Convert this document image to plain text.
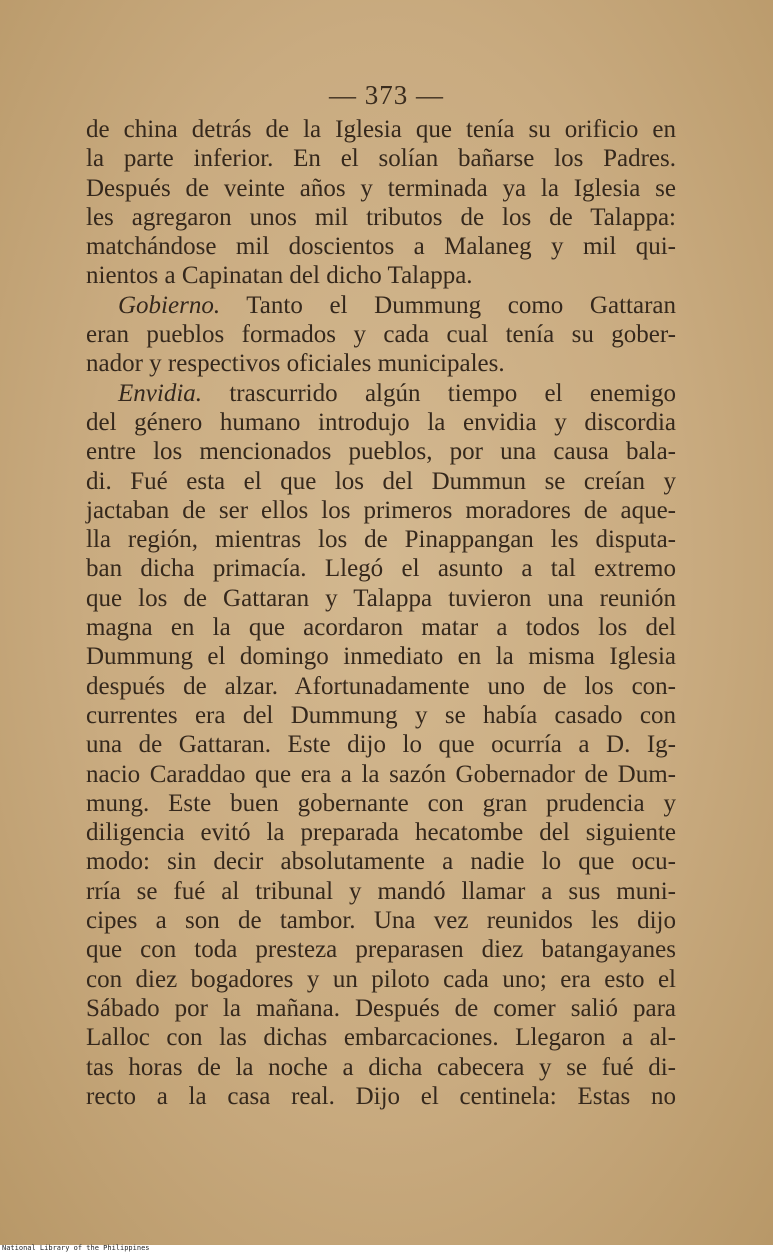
— 373 —
de china detrás de la Iglesia que tenía su orificio en
la parte inferior. En el solían bañarse los Padres.
Después de veinte años y terminada ya la Iglesia se
les agregaron unos mil tributos de los de Talappa:
matchándose mil doscientos a Malaneg y mil qui-
nientos a Capinatan del dicho Talappa.
Gobierno. Tanto el Dummung como Gattaran
eran pueblos formados y cada cual tenía su gober-
nador y respectivos oficiales municipales.
Envidia. trascurrido algún tiempo el enemigo
del género humano introdujo la envidia y discordia
entre los mencionados pueblos, por una causa bala-
di. Fué esta el que los del Dummun se creían y
jactaban de ser ellos los primeros moradores de aque-
lla región, mientras los de Pinappangan les disputa-
ban dicha primacía. Llegó el asunto a tal extremo
que los de Gattaran y Talappa tuvieron una reunión
magna en la que acordaron matar a todos los del
Dummung el domingo inmediato en la misma Iglesia
después de alzar. Afortunadamente uno de los con-
currentes era del Dummung y se había casado con
una de Gattaran. Este dijo lo que ocurría a D. Ig-
nacio Caraddao que era a la sazón Gobernador de Dum-
mung. Este buen gobernante con gran prudencia y
diligencia evitó la preparada hecatombe del siguiente
modo: sin decir absolutamente a nadie lo que ocu-
rría se fué al tribunal y mandó llamar a sus muni-
cipes a son de tambor. Una vez reunidos les dijo
que con toda presteza preparasen diez batangayanes
con diez bogadores y un piloto cada uno; era esto el
Sábado por la mañana. Después de comer salió para
Lalloc con las dichas embarcaciones. Llegaron a al-
tas horas de la noche a dicha cabecera y se fué di-
recto a la casa real. Dijo el centinela: Estas no
National Library of the Philippines
